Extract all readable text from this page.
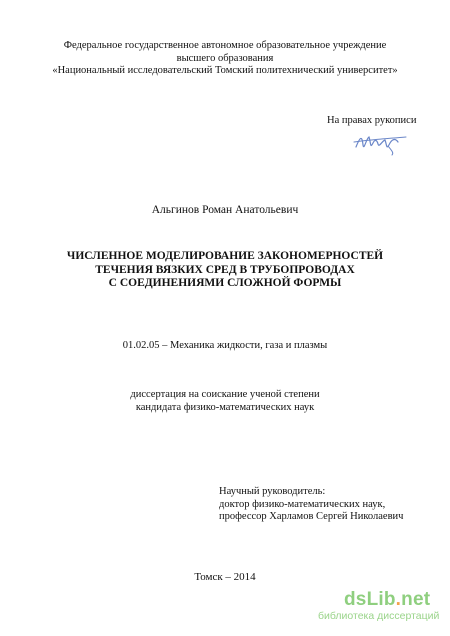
Федеральное государственное автономное образовательное учреждение
высшего образования
«Национальный исследовательский Томский политехнический университет»
На правах рукописи
Альгинов Роман Анатольевич
ЧИСЛЕННОЕ МОДЕЛИРОВАНИЕ ЗАКОНОМЕРНОСТЕЙ
ТЕЧЕНИЯ ВЯЗКИХ СРЕД В ТРУБОПРОВОДАХ
С СОЕДИНЕНИЯМИ СЛОЖНОЙ ФОРМЫ
01.02.05 – Механика жидкости, газа и плазмы
диссертация на соискание ученой степени
кандидата физико-математических наук
Научный руководитель:
доктор физико-математических наук,
профессор Харламов Сергей Николаевич
Томск – 2014
dsLib.net
библиотека диссертаций
